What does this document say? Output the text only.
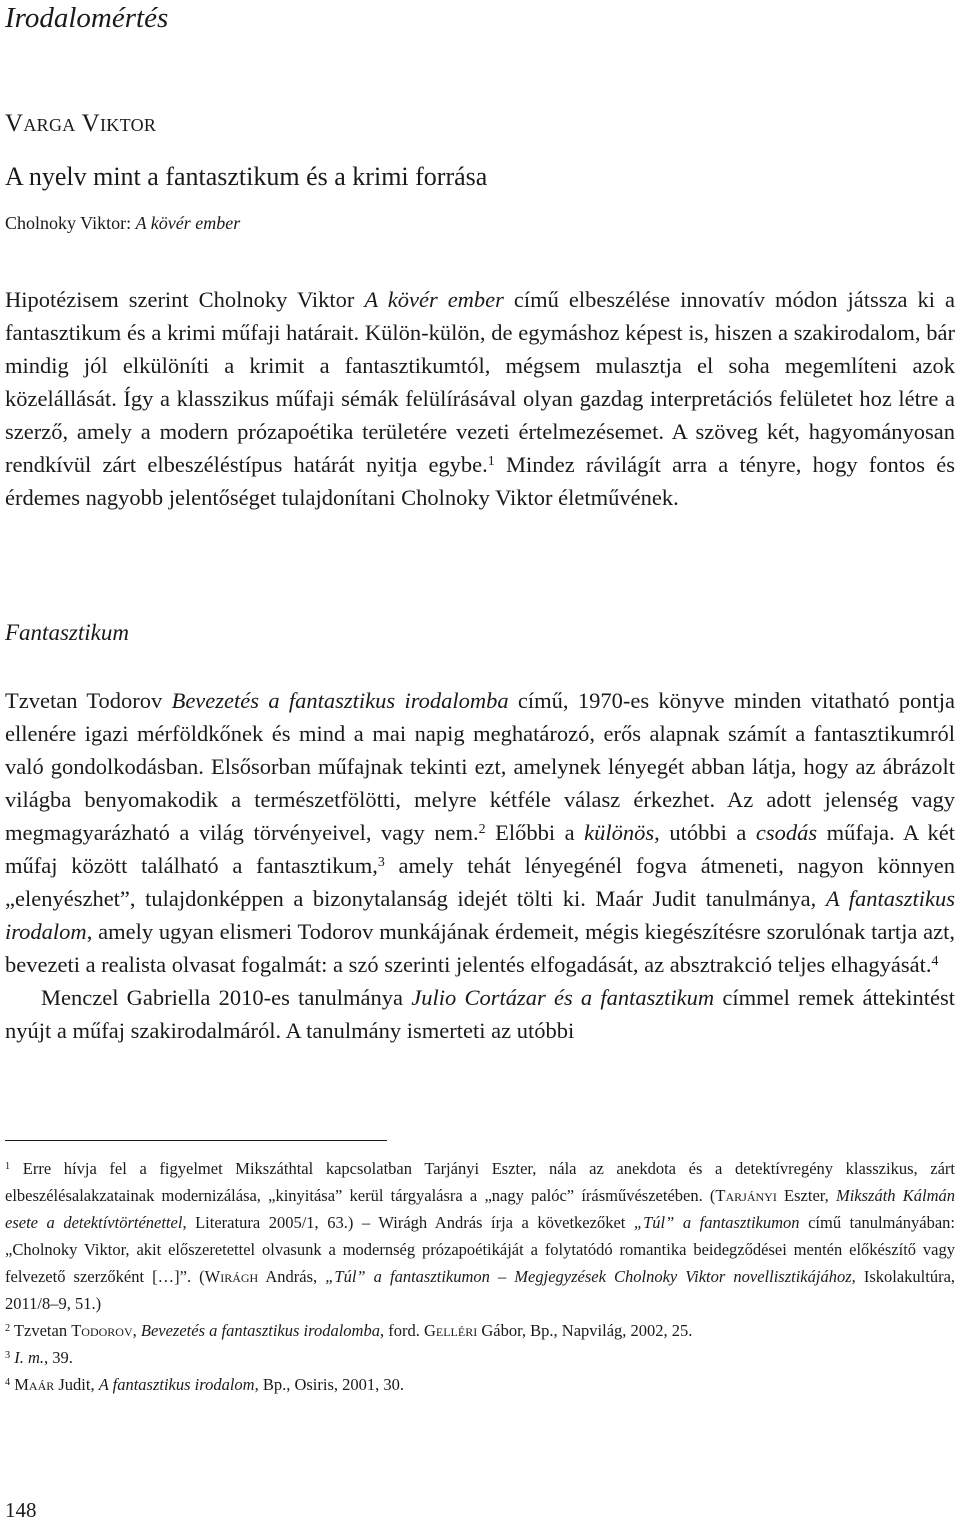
Irodalomértés
Varga Viktor
A nyelv mint a fantasztikum és a krimi forrása
Cholnoky Viktor: A kövér ember

Hipotézisem szerint Cholnoky Viktor A kövér ember című elbeszélése innovatív módon játssza ki a fantasztikum és a krimi műfaji határait. Külön-külön, de egymáshoz képest is, hiszen a szakirodalom, bár mindig jól elkülöníti a krimit a fantasztikumtól, mégsem mulasztja el soha megemlíteni azok közelállását. Így a klasszikus műfaji sémák felülírásával olyan gazdag interpretációs felületet hoz létre a szerző, amely a modern prózapoétika területére vezeti értelmezésemet. A szöveg két, hagyományosan rendkívül zárt elbeszéléstípus határát nyitja egybe.$^1$ Mindez rávilágít arra a tényre, hogy fontos és érdemes nagyobb jelentőséget tulajdonítani Cholnoky Viktor életművének.

Fantasztikum

Tzvetan Todorov Bevezetés a fantasztikus irodalomba című, 1970-es könyve minden vitatható pontja ellenére igazi mérföldkőnek és mind a mai napig meghatározó, erős alapnak számít a fantasztikumról való gondolkodásban. Elsősorban műfajnak tekinti ezt, amelynek lényegét abban látja, hogy az ábrázolt világba benyomakodik a természetfölötti, melyre kétféle válasz érkezhet. Az adott jelenség vagy megmagyarázható a világ törvényeivel, vagy nem.$^2$ Előbbi a különös, utóbbi a csodás műfaja. A két műfaj között található a fantasztikum,$^3$ amely tehát lényegénél fogva átmeneti, nagyon könnyen „elenyészhet”, tulajdonképpen a bizonytalanság idejét tölti ki. Maár Judit tanulmánya, A fantasztikus irodalom, amely ugyan elismeri Todorov munkájának érdemeit, mégis kiegészítésre szorulónak tartja azt, bevezeti a realista olvasat fogalmát: a szó szerinti jelentés elfogadását, az absztrakció teljes elhagyását.$^4$
Menczel Gabriella 2010-es tanulmánya Julio Cortázar és a fantasztikum címmel remek áttekintést nyújt a műfaj szakirodalmáról. A tanulmány ismerteti az utóbbi

$^1$ Erre hívja fel a figyelmet Mikszáthtal kapcsolatban Tarjányi Eszter, nála az anekdota és a detektívregény klasszikus, zárt elbeszélésalakzatainak modernizálása, „kinyitása” kerül tárgyalásra a „nagy palóc” írásművészetében. (Tarjányi Eszter, Mikszáth Kálmán esete a detektívtörténettel, Literatura 2005/1, 63.) – Wirágh András írja a következőket „Túl” a fantasztikumon című tanulmányában: „Cholnoky Viktor, akit előszeretettel olvasunk a modernség prózapoétikáját a folytatódó romantika beidegződései mentén előkészítő vagy felvezető szerzőként […]”. (Wirágh András, „Túl” a fantasztikumon – Megjegyzések Cholnoky Viktor novellisztikájához, Iskolakultúra, 2011/8–9, 51.)

$^2$ Tzvetan Todorov, Bevezetés a fantasztikus irodalomba, ford. Gelléri Gábor, Bp., Napvilág, 2002, 25.

$^3$ I. m., 39.

$^4$ Maár Judit, A fantasztikus irodalom, Bp., Osiris, 2001, 30.

148
